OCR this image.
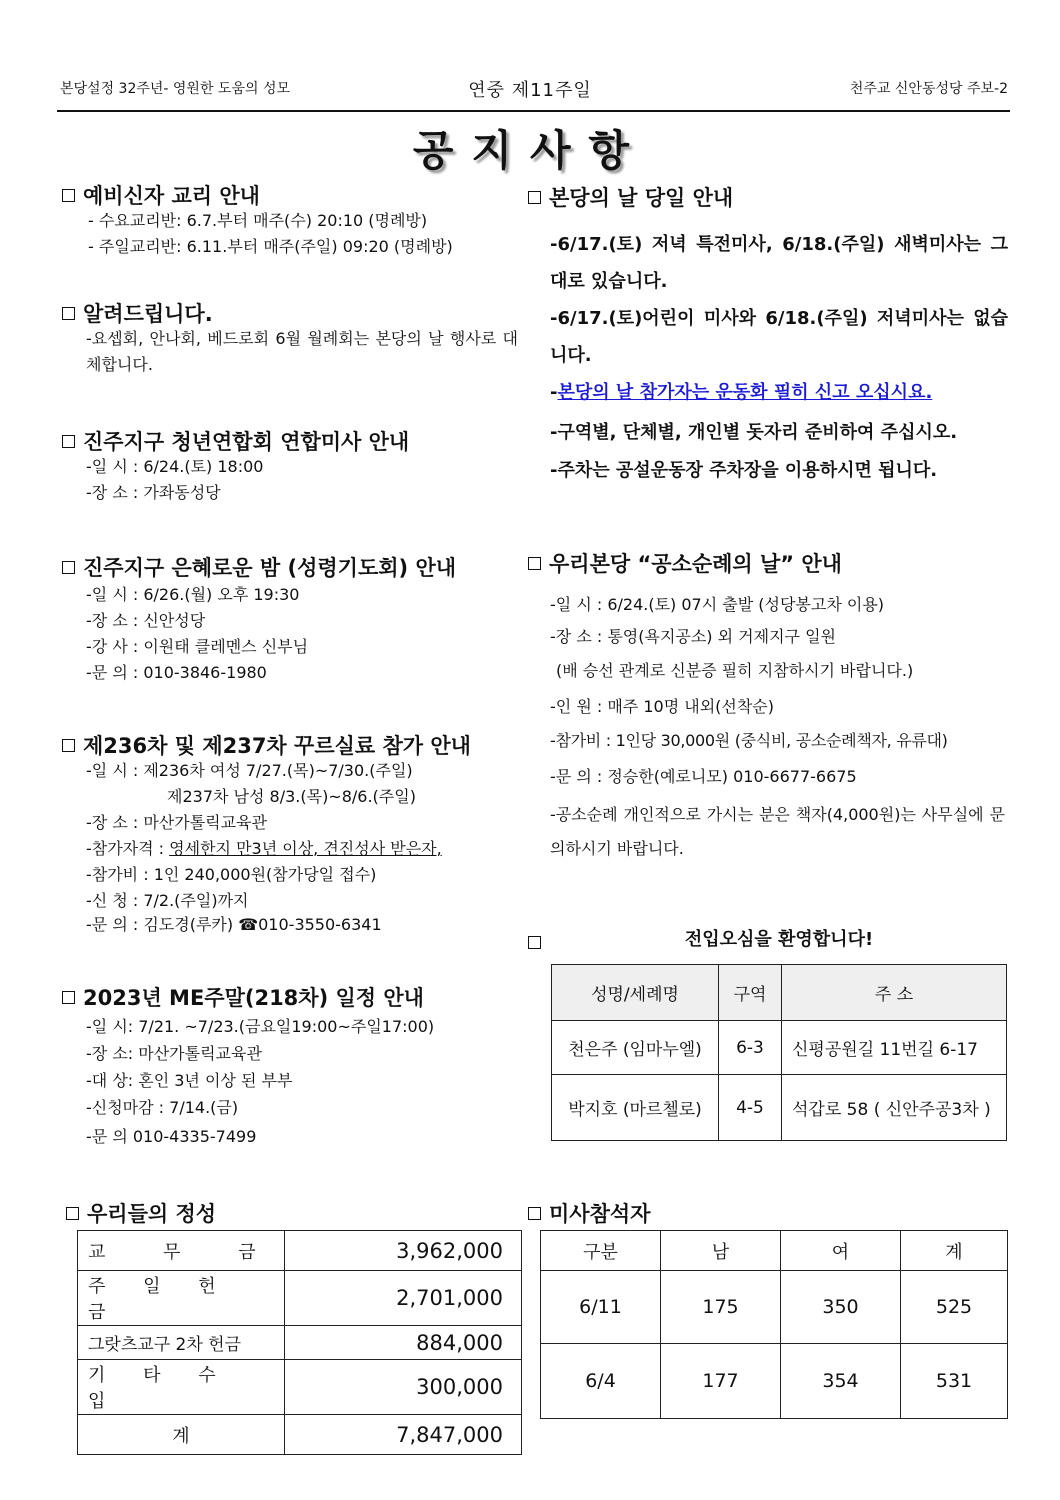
본당설정 32주년- 영원한 도움의 성모	연중 제11주일	천주교 신안동성당 주보-2
공지사항
예비신자 교리 안내
- 수요교리반: 6.7.부터 매주(수) 20:10 (명례방)
- 주일교리반: 6.11.부터 매주(주일) 09:20 (명례방)
알려드립니다.
-요셉회, 안나회, 베드로회 6월 월례회는 본당의 날 행사로 대체합니다.
진주지구 청년연합회 연합미사 안내
-일 시 : 6/24.(토) 18:00
-장 소 : 가좌동성당
진주지구 은혜로운 밤 (성령기도회) 안내
-일 시 : 6/26.(월) 오후 19:30
-장 소 : 신안성당
-강 사 : 이원태 클레멘스 신부님
-문 의 : 010-3846-1980
제236차 및 제237차 꾸르실료 참가 안내
-일 시 : 제236차 여성 7/27.(목)~7/30.(주일)
제237차 남성 8/3.(목)~8/6.(주일)
-장 소 : 마산가톨릭교육관
-참가자격 : 영세한지 만3년 이상, 견진성사 받은자,
-참가비 : 1인 240,000원(참가당일 접수)
-신 청 : 7/2.(주일)까지
-문 의 : 김도경(루카) ☎010-3550-6341
2023년 ME주말(218차) 일정 안내
-일 시: 7/21. ~7/23.(금요일19:00~주일17:00)
-장 소: 마산가톨릭교육관
-대 상: 혼인 3년 이상 된 부부
-신청마감 : 7/14.(금)
-문 의 010-4335-7499
본당의 날 당일 안내
-6/17.(토) 저녁 특전미사, 6/18.(주일) 새벽미사는 그대로 있습니다.
-6/17.(토)어린이 미사와 6/18.(주일) 저녁미사는 없습니다.
-본당의 날 참가자는 운동화 필히 신고 오십시요.
-구역별, 단체별, 개인별 돗자리 준비하여 주십시오.
-주차는 공설운동장 주차장을 이용하시면 됩니다.
우리본당 “공소순례의 날” 안내
-일 시 : 6/24.(토) 07시 출발 (성당봉고차 이용)
-장 소 : 통영(욕지공소) 외 거제지구 일원
(배 승선 관계로 신분증 필히 지참하시기 바랍니다.)
-인 원 : 매주 10명 내외(선착순)
-참가비 : 1인당 30,000원 (중식비, 공소순례책자, 유류대)
-문 의 : 정승한(예로니모) 010-6677-6675
-공소순례 개인적으로 가시는 분은 책자(4,000원)는 사무실에 문의하시기 바랍니다.
전입오심을 환영합니다!
성명/세례명	구역	주 소
천은주 (임마누엘)	6-3	신평공원길 11번길 6-17
박지호 (마르첼로)	4-5	석갑로 58 ( 신안주공3차 )
우리들의 정성
교 무 금	3,962,000
주 일 헌 금	2,701,000
그랏츠교구 2차 헌금	884,000
기 타 수 입	300,000
계	7,847,000
미사참석자
구분	남	여	계
6/11	175	350	525
6/4	177	354	531
